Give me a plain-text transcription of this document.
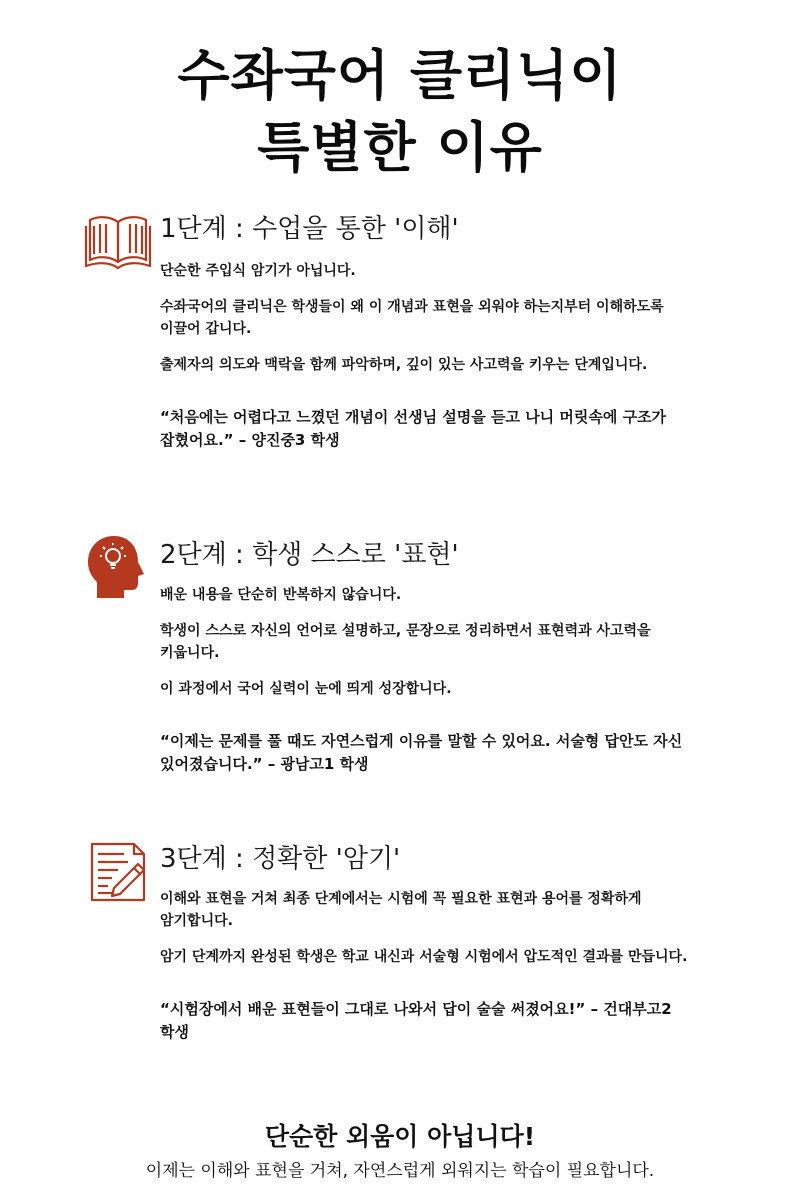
수좌국어 클리닉이
특별한 이유
1단계 : 수업을 통한 '이해'

단순한 주입식 암기가 아닙니다.

수좌국어의 클리닉은 학생들이 왜 이 개념과 표현을 외워야 하는지부터 이해하도록 이끌어 갑니다.

출제자의 의도와 맥락을 함께 파악하며, 깊이 있는 사고력을 키우는 단계입니다.

“처음에는 어렵다고 느꼈던 개념이 선생님 설명을 듣고 나니 머릿속에 구조가 잡혔어요.” – 양진중3 학생
2단계 : 학생 스스로 '표현'

배운 내용을 단순히 반복하지 않습니다.

학생이 스스로 자신의 언어로 설명하고, 문장으로 정리하면서 표현력과 사고력을 키웁니다.

이 과정에서 국어 실력이 눈에 띄게 성장합니다.

“이제는 문제를 풀 때도 자연스럽게 이유를 말할 수 있어요. 서술형 답안도 자신 있어졌습니다.” – 광남고1 학생
3단계 : 정확한 '암기'

이해와 표현을 거쳐 최종 단계에서는 시험에 꼭 필요한 표현과 용어를 정확하게 암기합니다.

암기 단계까지 완성된 학생은 학교 내신과 서술형 시험에서 압도적인 결과를 만듭니다.

“시험장에서 배운 표현들이 그대로 나와서 답이 술술 써졌어요!” – 건대부고2 학생
단순한 외움이 아닙니다!
이제는 이해와 표현을 거쳐, 자연스럽게 외워지는 학습이 필요합니다.
